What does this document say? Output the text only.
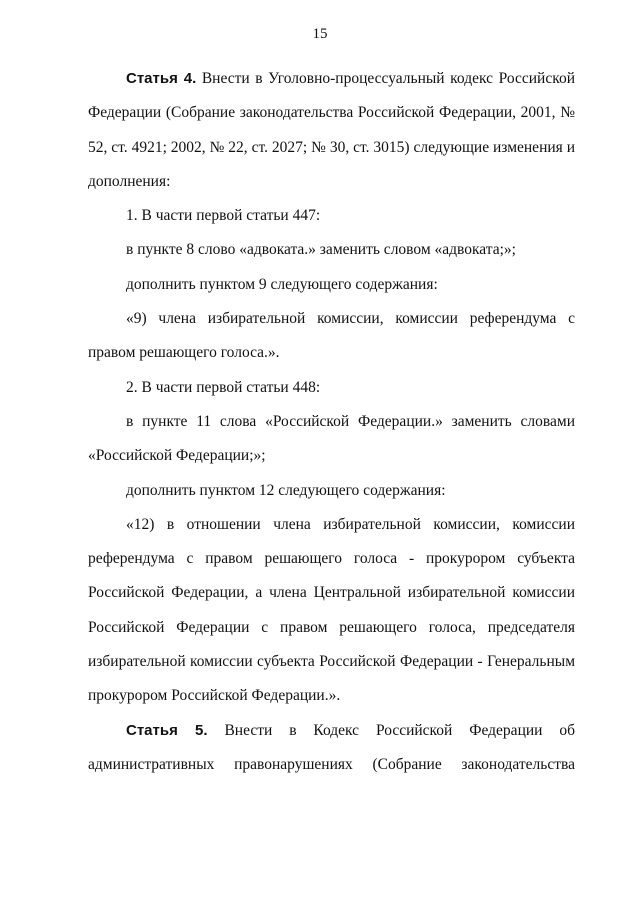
15

Статья 4. Внести в Уголовно-процессуальный кодекс Российской Федерации (Собрание законодательства Российской Федерации, 2001, № 52, ст. 4921; 2002, № 22, ст. 2027; № 30, ст. 3015) следующие изменения и дополнения:

1. В части первой статьи 447:

в пункте 8 слово «адвоката.» заменить словом «адвоката;»;

дополнить пунктом 9 следующего содержания:

«9) члена избирательной комиссии, комиссии референдума с правом решающего голоса.».

2. В части первой статьи 448:

в пункте 11 слова «Российской Федерации.» заменить словами «Российской Федерации;»;

дополнить пунктом 12 следующего содержания:

«12) в отношении члена избирательной комиссии, комиссии референдума с правом решающего голоса - прокурором субъекта Российской Федерации, а члена Центральной избирательной комиссии Российской Федерации с правом решающего голоса, председателя избирательной комиссии субъекта Российской Федерации - Генеральным прокурором Российской Федерации.».

Статья 5. Внести в Кодекс Российской Федерации об административных правонарушениях (Собрание законодательства
